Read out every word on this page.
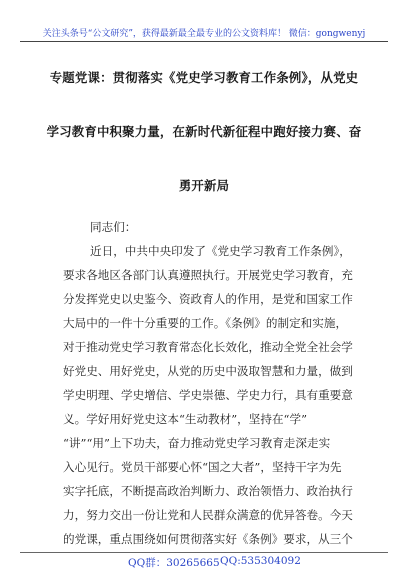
关注头条号“公文研究”，获得最新最全最专业的公文资料库！ 微信：gongwenyj
专题党课：贯彻落实《党史学习教育工作条例》，从党史
学习教育中积聚力量，在新时代新征程中跑好接力赛、奋
勇开新局
同志们：
近日，中共中央印发了《党史学习教育工作条例》，
要求各地区各部门认真遵照执行。开展党史学习教育，充
分发挥党史以史鉴今、资政育人的作用，是党和国家工作
大局中的一件十分重要的工作。《条例》的制定和实施，
对于推动党史学习教育常态化长效化，推动全党全社会学
好党史、用好党史，从党的历史中汲取智慧和力量，做到
学史明理、学史增信、学史崇德、学史力行，具有重要意
义。学好用好党史这本“生动教材”，坚持在“学”
“讲”“用”上下功夫，奋力推动党史学习教育走深走实
入心见行。党员干部要心怀“国之大者”，坚持干字为先
实字托底，不断提高政治判断力、政治领悟力、政治执行
力，努力交出一份让党和人民群众满意的优异答卷。今天
的党课，重点围绕如何贯彻落实好《条例》要求，从三个
QQ群：30265665 QQ:535304092
